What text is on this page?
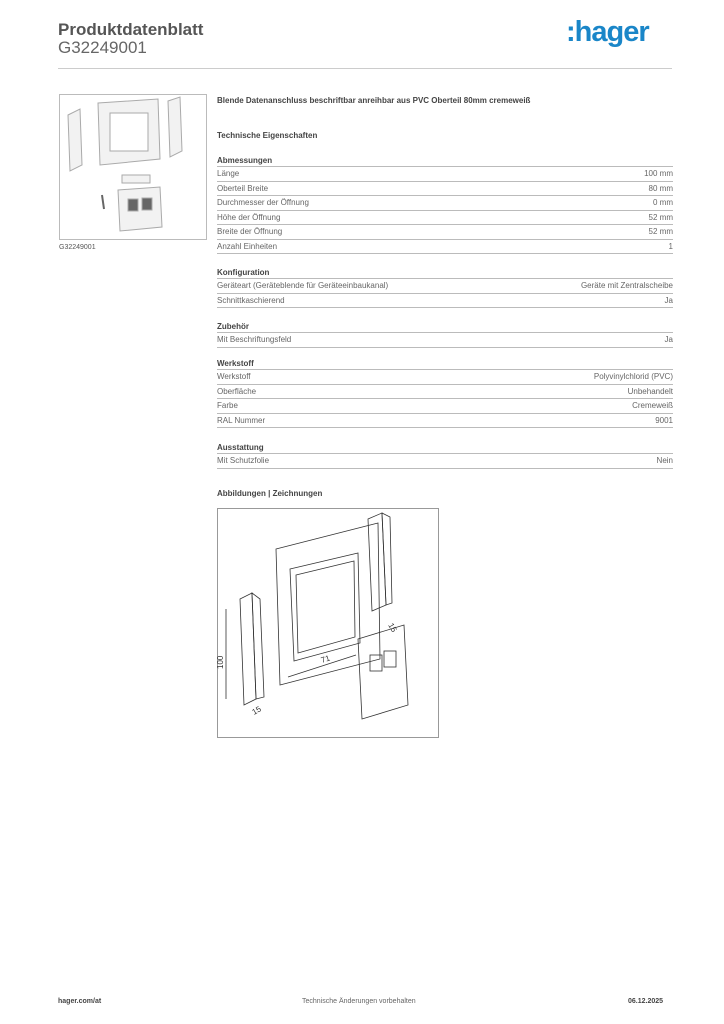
Produktdatenblatt
G32249001	:hager
G32249001
Blende Datenanschluss beschriftbar anreihbar aus PVC Oberteil 80mm cremeweiß
Technische Eigenschaften
Abmessungen
Länge	100 mm
Oberteil Breite	80 mm
Durchmesser der Öffnung	0 mm
Höhe der Öffnung	52 mm
Breite der Öffnung	52 mm
Anzahl Einheiten	1
Konfiguration
Geräteart (Geräteblende für Geräteeinbaukanal)	Geräte mit Zentralscheibe
Schnittkaschierend	Ja
Zubehör
Mit Beschriftungsfeld	Ja
Werkstoff
Werkstoff	Polyvinylchlorid (PVC)
Oberfläche	Unbehandelt
Farbe	Cremeweiß
RAL Nummer	9001
Ausstattung
Mit Schutzfolie	Nein
Abbildungen | Zeichnungen
100	71
15
15
hager.com/at	Technische Änderungen vorbehalten	06.12.2025
